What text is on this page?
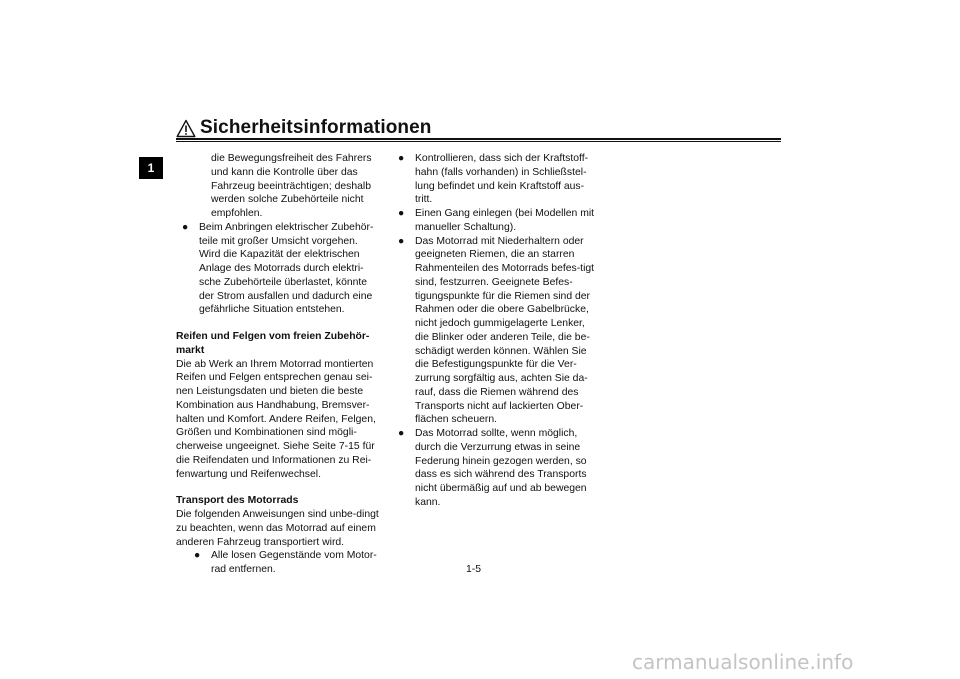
Sicherheitsinformationen
1

die Bewegungsfreiheit des Fahrers und kann die Kontrolle über das Fahrzeug beeinträchtigen; deshalb werden solche Zubehörteile nicht empfohlen.

● Beim Anbringen elektrischer Zubehör-teile mit großer Umsicht vorgehen. Wird die Kapazität der elektrischen Anlage des Motorrads durch elektri-sche Zubehörteile überlastet, könnte der Strom ausfallen und dadurch eine gefährliche Situation entstehen.

Reifen und Felgen vom freien Zubehör-markt

Die ab Werk an Ihrem Motorrad montierten Reifen und Felgen entsprechen genau sei-nen Leistungsdaten und bieten die beste Kombination aus Handhabung, Bremsver-halten und Komfort. Andere Reifen, Felgen, Größen und Kombinationen sind mögli-cherweise ungeeignet. Siehe Seite 7-15 für die Reifendaten und Informationen zu Rei-fenwartung und Reifenwechsel.

Transport des Motorrads

Die folgenden Anweisungen sind unbe-dingt zu beachten, wenn das Motorrad auf einem anderen Fahrzeug transportiert wird.

● Alle losen Gegenstände vom Motor-rad entfernen.

● Kontrollieren, dass sich der Kraftstoff-hahn (falls vorhanden) in Schließstel-lung befindet und kein Kraftstoff aus-tritt.

● Einen Gang einlegen (bei Modellen mit manueller Schaltung).

● Das Motorrad mit Niederhaltern oder geeigneten Riemen, die an starren Rahmenteilen des Motorrads befes-tigt sind, festzurren. Geeignete Befes-tigungspunkte für die Riemen sind der Rahmen oder die obere Gabelbrücke, nicht jedoch gummigelagerte Lenker, die Blinker oder anderen Teile, die be-schädigt werden können. Wählen Sie die Befestigungspunkte für die Ver-zurrung sorgfältig aus, achten Sie da-rauf, dass die Riemen während des Transports nicht auf lackierten Ober-flächen scheuern.

● Das Motorrad sollte, wenn möglich, durch die Verzurrung etwas in seine Federung hinein gezogen werden, so dass es sich während des Transports nicht übermäßig auf und ab bewegen kann.

1-5
carmanualsonline.info
